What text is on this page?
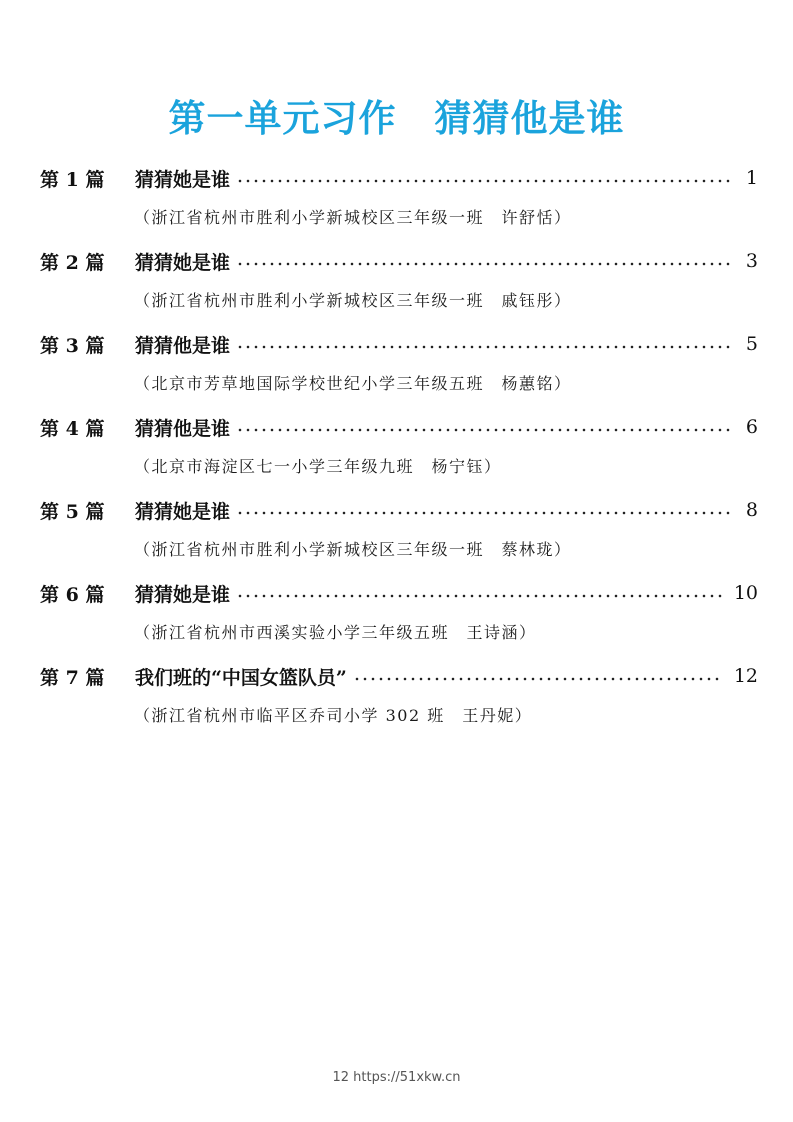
第一单元习作　猜猜他是谁
第 1 篇	猜猜她是谁	1
（浙江省杭州市胜利小学新城校区三年级一班　许舒恬）
第 2 篇	猜猜她是谁	3
（浙江省杭州市胜利小学新城校区三年级一班　戚钰彤）
第 3 篇	猜猜他是谁	5
（北京市芳草地国际学校世纪小学三年级五班　杨蕙铭）
第 4 篇	猜猜他是谁	6
（北京市海淀区七一小学三年级九班　杨宁钰）
第 5 篇	猜猜她是谁	8
（浙江省杭州市胜利小学新城校区三年级一班　蔡林珑）
第 6 篇	猜猜她是谁	10
（浙江省杭州市西溪实验小学三年级五班　王诗涵）
第 7 篇	我们班的“中国女篮队员”	12
（浙江省杭州市临平区乔司小学 302 班　王丹妮）
12 https://51xkw.cn
